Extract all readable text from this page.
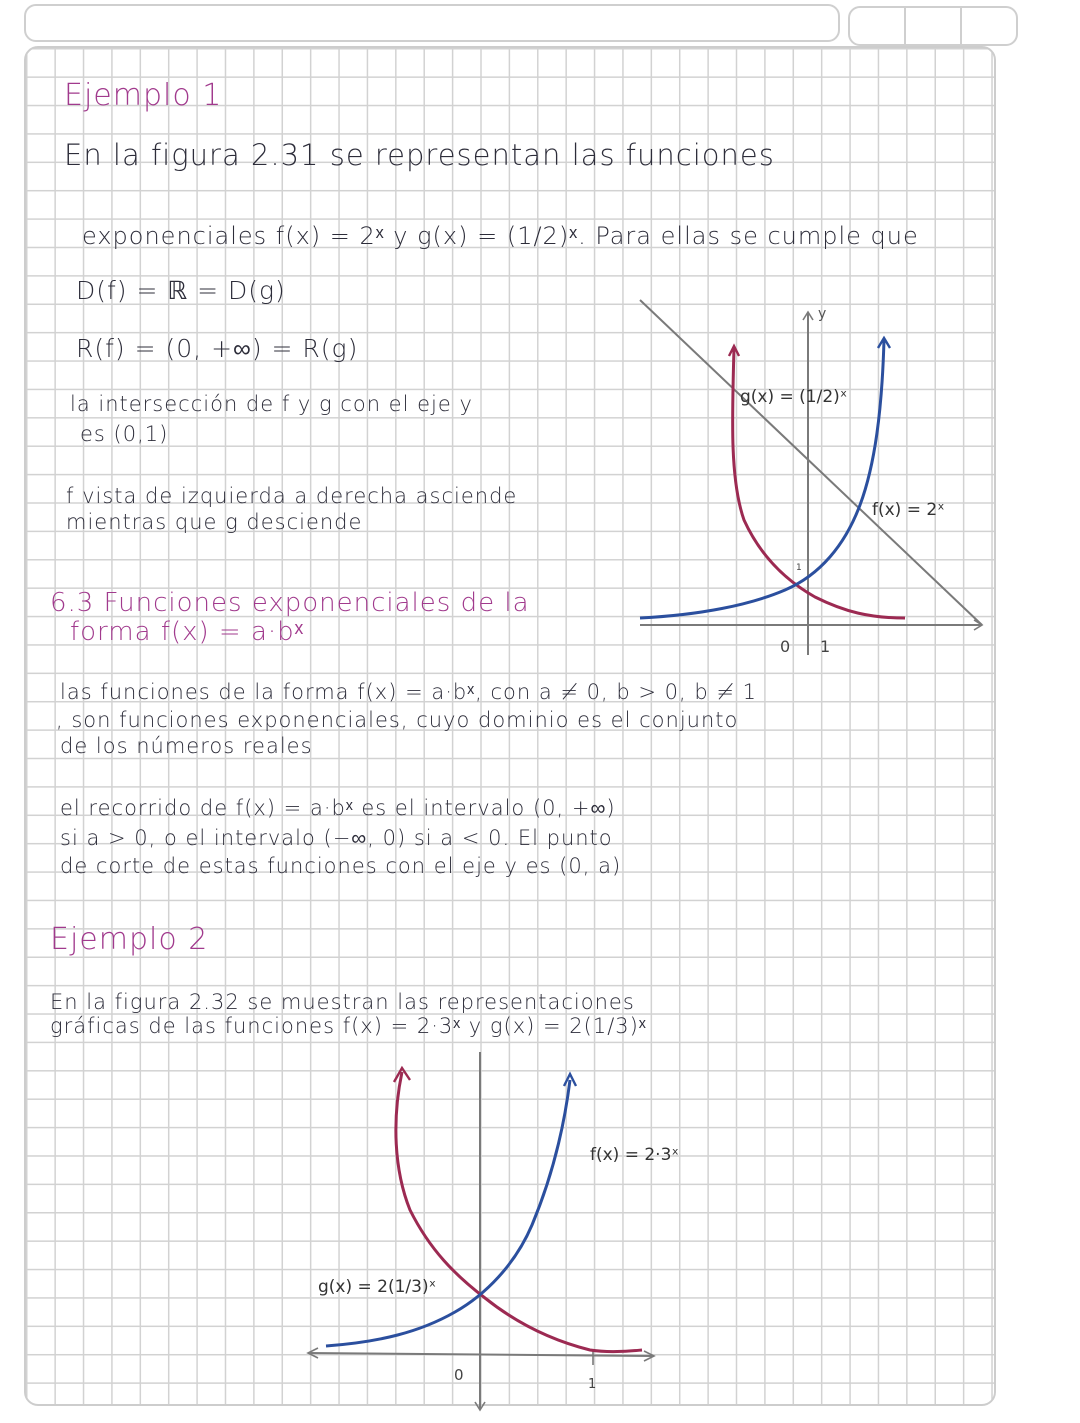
Ejemplo 1
En la figura 2.31 se representan las funciones
exponenciales f(x) = 2ˣ y g(x) = (1/2)ˣ. Para ellas se cumple que
D(f) = ℝ = D(g)
R(f) = (0, +∞) = R(g)
la intersección de f y g con el eje y
es (0,1)
f vista de izquierda a derecha asciende
mientras que g desciende
y
g(x) = (1/2)ˣ
f(x) = 2ˣ
0 1
1
6.3 Funciones exponenciales de la
forma f(x) = a·bˣ
las funciones de la forma f(x) = a·bˣ, con a ≠ 0, b > 0, b ≠ 1
, son funciones exponenciales, cuyo dominio es el conjunto
de los números reales
el recorrido de f(x) = a·bˣ es el intervalo (0, +∞)
si a > 0, o el intervalo (−∞, 0) si a < 0. El punto
de corte de estas funciones con el eje y es (0, a)
Ejemplo 2
En la figura 2.32 se muestran las representaciones
gráficas de las funciones f(x) = 2·3ˣ y g(x) = 2(1/3)ˣ
f(x) = 2·3ˣ
g(x) = 2(1/3)ˣ
0
1
